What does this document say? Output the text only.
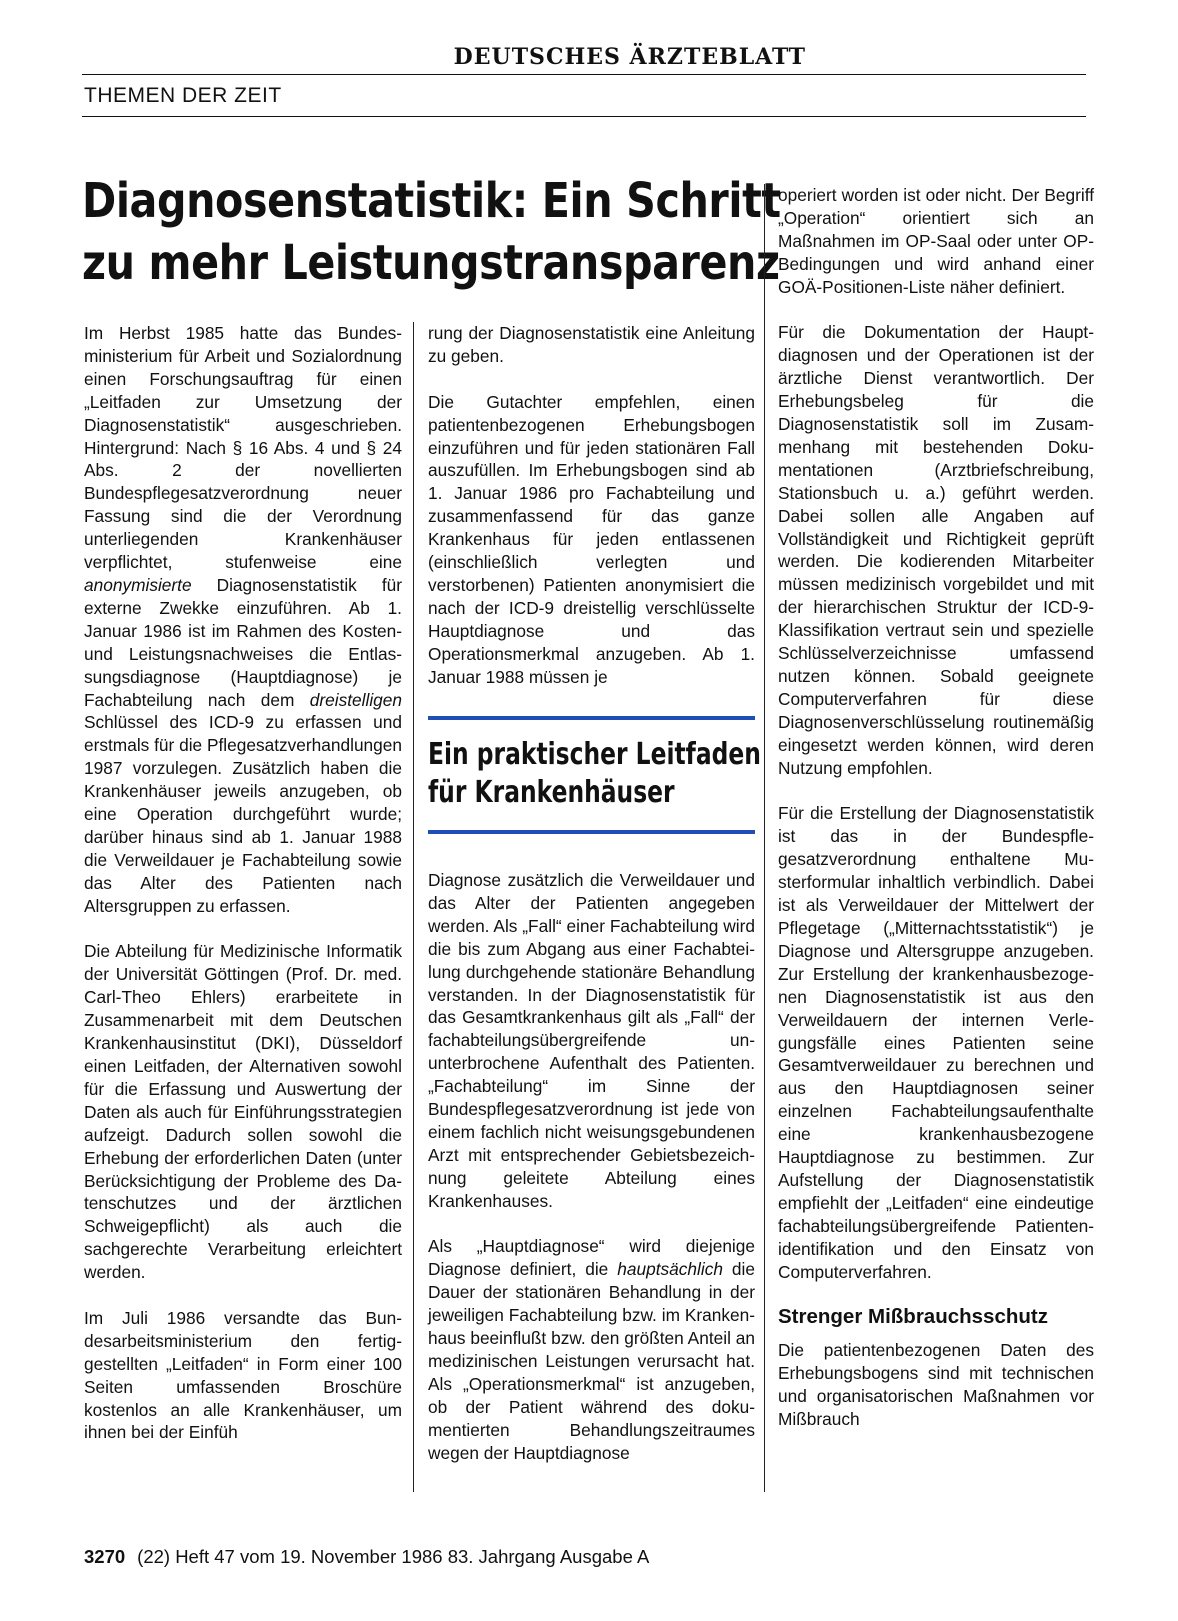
DEUTSCHES ÄRZTEBLATT
THEMEN DER ZEIT
Diagnosenstatistik: Ein Schritt
zu mehr Leistungstransparenz

Im Herbst 1985 hatte das Bundesministerium für Arbeit und Sozialordnung einen Forschungsauftrag für einen „Leitfaden zur Umsetzung der Diagnosenstatistik“ ausgeschrieben. Hintergrund: Nach § 16 Abs. 4 und § 24 Abs. 2 der novellierten Bundespflegesatzverordnung neuer Fassung sind die der Verordnung unterliegenden Krankenhäuser verpflichtet, stufenweise eine anonymisierte Diagnosenstatistik für externe Zwekke einzuführen. Ab 1. Januar 1986 ist im Rahmen des Kosten- und Leistungsnachweises die Entlassungsdiagnose (Hauptdiagnose) je Fachabteilung nach dem dreistelligen Schlüssel des ICD-9 zu erfassen und erstmals für die Pflegesatzverhandlungen 1987 vorzulegen. Zusätzlich haben die Krankenhäuser jeweils anzugeben, ob eine Operation durchgeführt wurde; darüber hinaus sind ab 1. Januar 1988 die Verweildauer je Fachabteilung sowie das Alter des Patienten nach Altersgruppen zu erfassen.

Die Abteilung für Medizinische Informatik der Universität Göttingen (Prof. Dr. med. Carl-Theo Ehlers) erarbeitete in Zusammenarbeit mit dem Deutschen Krankenhausinstitut (DKI), Düsseldorf einen Leitfaden, der Alternativen sowohl für die Erfassung und Auswertung der Daten als auch für Einführungsstrategien aufzeigt. Dadurch sollen sowohl die Erhebung der erforderlichen Daten (unter Berücksichtigung der Probleme des Datenschutzes und der ärztlichen Schweigepflicht) als auch die sachgerechte Verarbeitung erleichtert werden.

Im Juli 1986 versandte das Bundesarbeitsministerium den fertiggestellten „Leitfaden“ in Form einer 100 Seiten umfassenden Broschüre kostenlos an alle Krankenhäuser, um ihnen bei der Einfüh

rung der Diagnosenstatistik eine Anleitung zu geben.

Die Gutachter empfehlen, einen patientenbezogenen Erhebungsbogen einzuführen und für jeden stationären Fall auszufüllen. Im Erhebungsbogen sind ab 1. Januar 1986 pro Fachabteilung und zusammenfassend für das ganze Krankenhaus für jeden entlassenen (einschließlich verlegten und verstorbenen) Patienten anonymisiert die nach der ICD-9 dreistellig verschlüsselte Hauptdiagnose und das Operationsmerkmal anzugeben. Ab 1. Januar 1988 müssen je

Ein praktischer Leitfaden
für Krankenhäuser

Diagnose zusätzlich die Verweildauer und das Alter der Patienten angegeben werden. Als „Fall“ einer Fachabteilung wird die bis zum Abgang aus einer Fachabteilung durchgehende stationäre Behandlung verstanden. In der Diagnosenstatistik für das Gesamtkrankenhaus gilt als „Fall“ der fachabteilungsübergreifende ununterbrochene Aufenthalt des Patienten. „Fachabteilung“ im Sinne der Bundespflegesatzverordnung ist jede von einem fachlich nicht weisungsgebundenen Arzt mit entsprechender Gebietsbezeichnung geleitete Abteilung eines Krankenhauses.

Als „Hauptdiagnose“ wird diejenige Diagnose definiert, die hauptsächlich die Dauer der stationären Behandlung in der jeweiligen Fachabteilung bzw. im Krankenhaus beeinflußt bzw. den größten Anteil an medizinischen Leistungen verursacht hat. Als „Operationsmerkmal“ ist anzugeben, ob der Patient während des dokumentierten Behandlungszeitraumes wegen der Hauptdiagnose

operiert worden ist oder nicht. Der Begriff „Operation“ orientiert sich an Maßnahmen im OP-Saal oder unter OP-Bedingungen und wird anhand einer GOÄ-Positionen-Liste näher definiert.

Für die Dokumentation der Hauptdiagnosen und der Operationen ist der ärztliche Dienst verantwortlich. Der Erhebungsbeleg für die Diagnosenstatistik soll im Zusammenhang mit bestehenden Dokumentationen (Arztbriefschreibung, Stationsbuch u. a.) geführt werden. Dabei sollen alle Angaben auf Vollständigkeit und Richtigkeit geprüft werden. Die kodierenden Mitarbeiter müssen medizinisch vorgebildet und mit der hierarchischen Struktur der ICD-9-Klassifikation vertraut sein und spezielle Schlüsselverzeichnisse umfassend nutzen können. Sobald geeignete Computerverfahren für diese Diagnosenverschlüsselung routinemäßig eingesetzt werden können, wird deren Nutzung empfohlen.

Für die Erstellung der Diagnosenstatistik ist das in der Bundespflegesatzverordnung enthaltene Musterformular inhaltlich verbindlich. Dabei ist als Verweildauer der Mittelwert der Pflegetage („Mitternachtsstatistik“) je Diagnose und Altersgruppe anzugeben. Zur Erstellung der krankenhausbezogenen Diagnosenstatistik ist aus den Verweildauern der internen Verlegungsfälle eines Patienten seine Gesamtverweildauer zu berechnen und aus den Hauptdiagnosen seiner einzelnen Fachabteilungsaufenthalte eine krankenhausbezogene Hauptdiagnose zu bestimmen. Zur Aufstellung der Diagnosenstatistik empfiehlt der „Leitfaden“ eine eindeutige fachabteilungsübergreifende Patientenidentifikation und den Einsatz von Computerverfahren.

Strenger Mißbrauchsschutz

Die patientenbezogenen Daten des Erhebungsbogens sind mit technischen und organisatorischen Maßnahmen vor Mißbrauch

3270 (22) Heft 47 vom 19. November 1986 83. Jahrgang Ausgabe A
